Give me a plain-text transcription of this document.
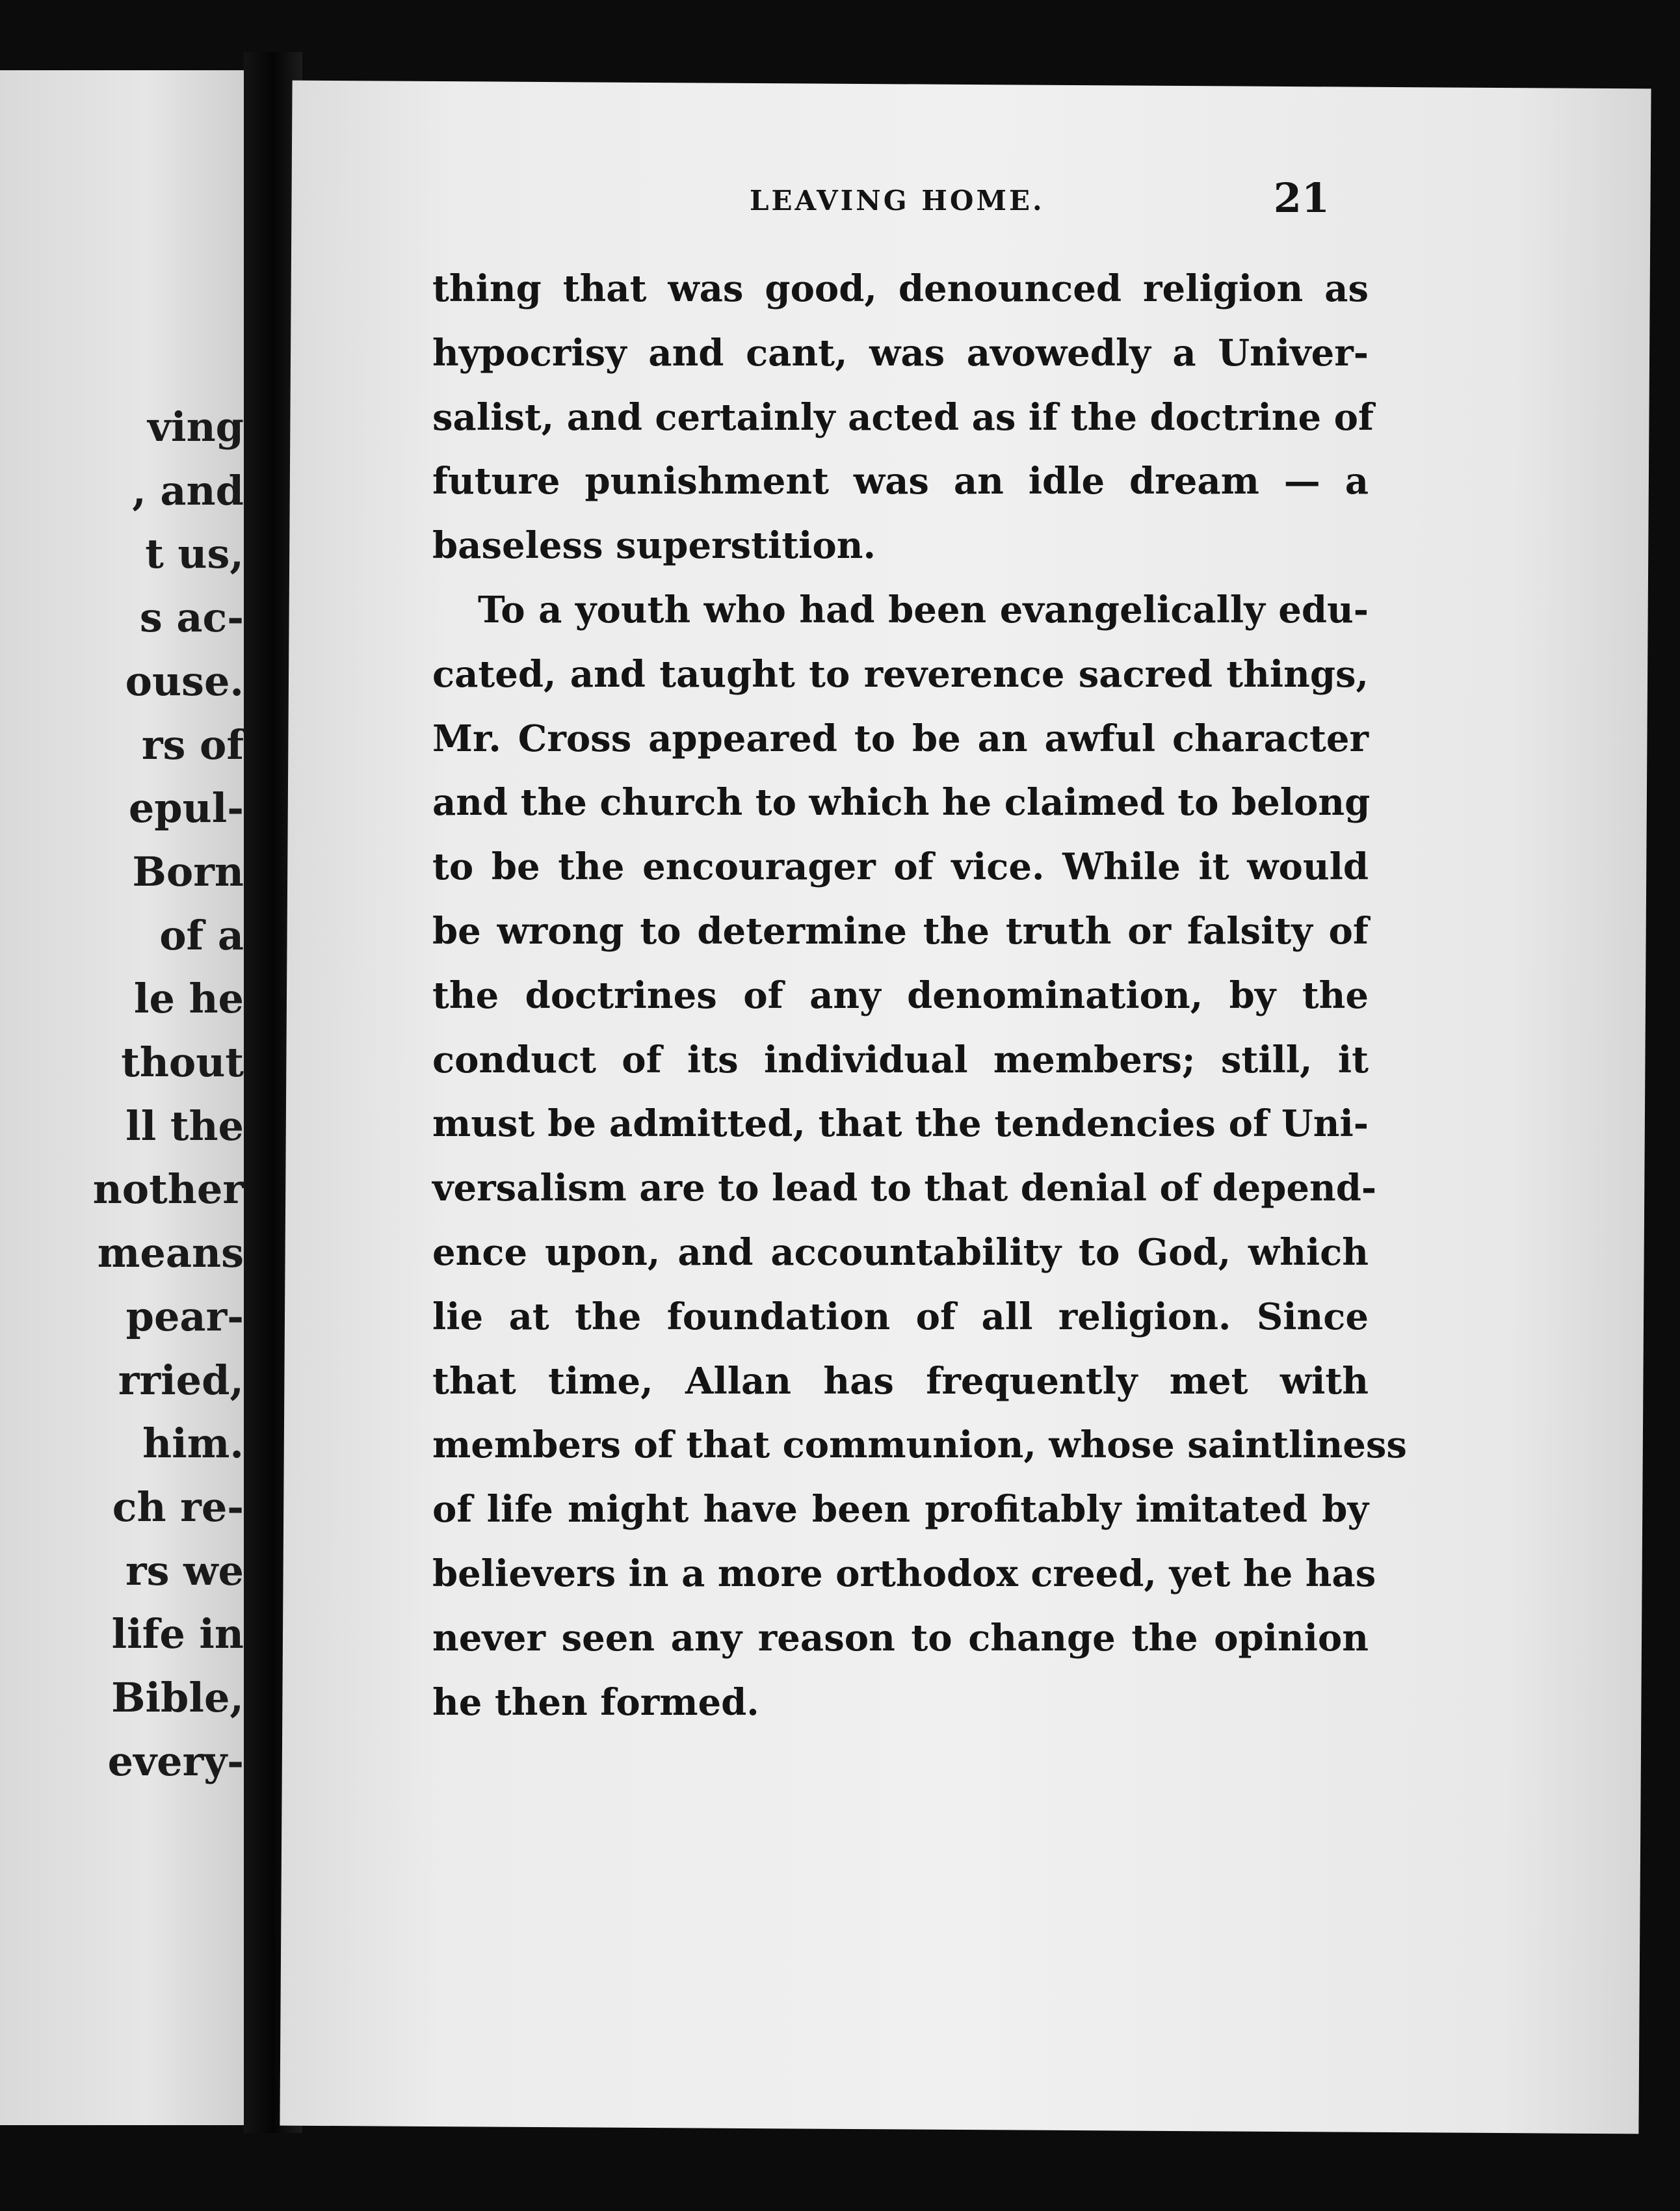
ving
, and
t us,
s ac-
ouse.
rs of
epul-
Born
of a
le he
thout
ll the
nother
means
pear-
rried,
him.
ch re-
rs we
life in
Bible,
every-
LEAVING HOME.	21
thing that was good, denounced religion as
hypocrisy and cant, was avowedly a Univer-
salist, and certainly acted as if the doctrine of
future punishment was an idle dream — a
baseless superstition.
To a youth who had been evangelically edu-
cated, and taught to reverence sacred things,
Mr. Cross appeared to be an awful character
and the church to which he claimed to belong
to be the encourager of vice. While it would
be wrong to determine the truth or falsity of
the doctrines of any denomination, by the
conduct of its individual members; still, it
must be admitted, that the tendencies of Uni-
versalism are to lead to that denial of depend-
ence upon, and accountability to God, which
lie at the foundation of all religion. Since
that time, Allan has frequently met with
members of that communion, whose saintliness
of life might have been profitably imitated by
believers in a more orthodox creed, yet he has
never seen any reason to change the opinion
he then formed.
